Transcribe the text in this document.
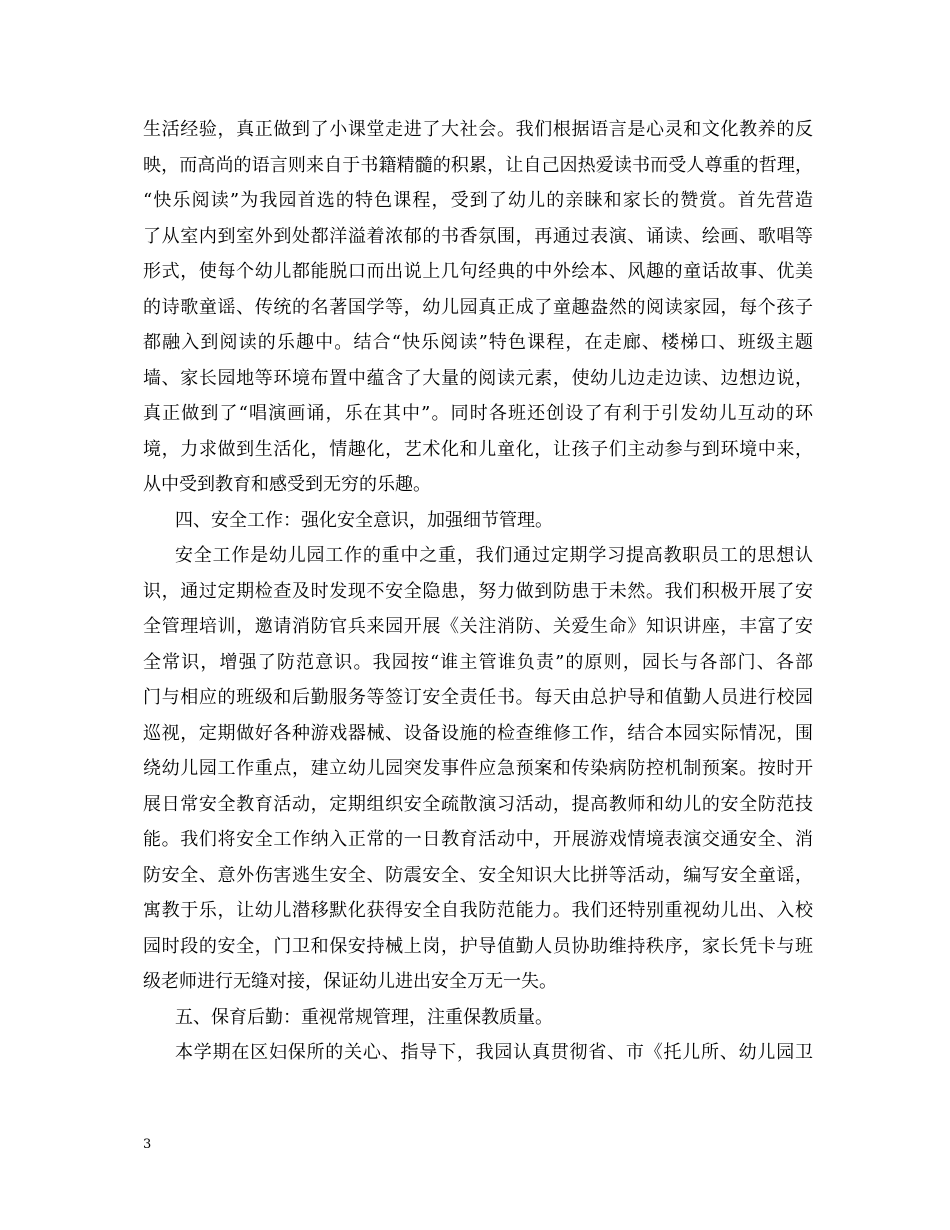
生活经验，真正做到了小课堂走进了大社会。我们根据语言是心灵和文化教养的反
映，而高尚的语言则来自于书籍精髓的积累，让自己因热爱读书而受人尊重的哲理，
“快乐阅读”为我园首选的特色课程，受到了幼儿的亲睐和家长的赞赏。首先营造
了从室内到室外到处都洋溢着浓郁的书香氛围，再通过表演、诵读、绘画、歌唱等
形式，使每个幼儿都能脱口而出说上几句经典的中外绘本、风趣的童话故事、优美
的诗歌童谣、传统的名著国学等，幼儿园真正成了童趣盎然的阅读家园，每个孩子
都融入到阅读的乐趣中。结合“快乐阅读”特色课程，在走廊、楼梯口、班级主题
墙、家长园地等环境布置中蕴含了大量的阅读元素，使幼儿边走边读、边想边说，
真正做到了“唱演画诵，乐在其中”。同时各班还创设了有利于引发幼儿互动的环
境，力求做到生活化，情趣化，艺术化和儿童化，让孩子们主动参与到环境中来，
从中受到教育和感受到无穷的乐趣。
四、安全工作：强化安全意识，加强细节管理。
安全工作是幼儿园工作的重中之重，我们通过定期学习提高教职员工的思想认
识，通过定期检查及时发现不安全隐患，努力做到防患于未然。我们积极开展了安
全管理培训，邀请消防官兵来园开展《关注消防、关爱生命》知识讲座，丰富了安
全常识，增强了防范意识。我园按“谁主管谁负责”的原则，园长与各部门、各部
门与相应的班级和后勤服务等签订安全责任书。每天由总护导和值勤人员进行校园
巡视，定期做好各种游戏器械、设备设施的检查维修工作，结合本园实际情况，围
绕幼儿园工作重点，建立幼儿园突发事件应急预案和传染病防控机制预案。按时开
展日常安全教育活动，定期组织安全疏散演习活动，提高教师和幼儿的安全防范技
能。我们将安全工作纳入正常的一日教育活动中，开展游戏情境表演交通安全、消
防安全、意外伤害逃生安全、防震安全、安全知识大比拼等活动，编写安全童谣，
寓教于乐，让幼儿潜移默化获得安全自我防范能力。我们还特别重视幼儿出、入校
园时段的安全，门卫和保安持械上岗，护导值勤人员协助维持秩序，家长凭卡与班
级老师进行无缝对接，保证幼儿进出安全万无一失。
五、保育后勤：重视常规管理，注重保教质量。
本学期在区妇保所的关心、指导下，我园认真贯彻省、市《托儿所、幼儿园卫
3
